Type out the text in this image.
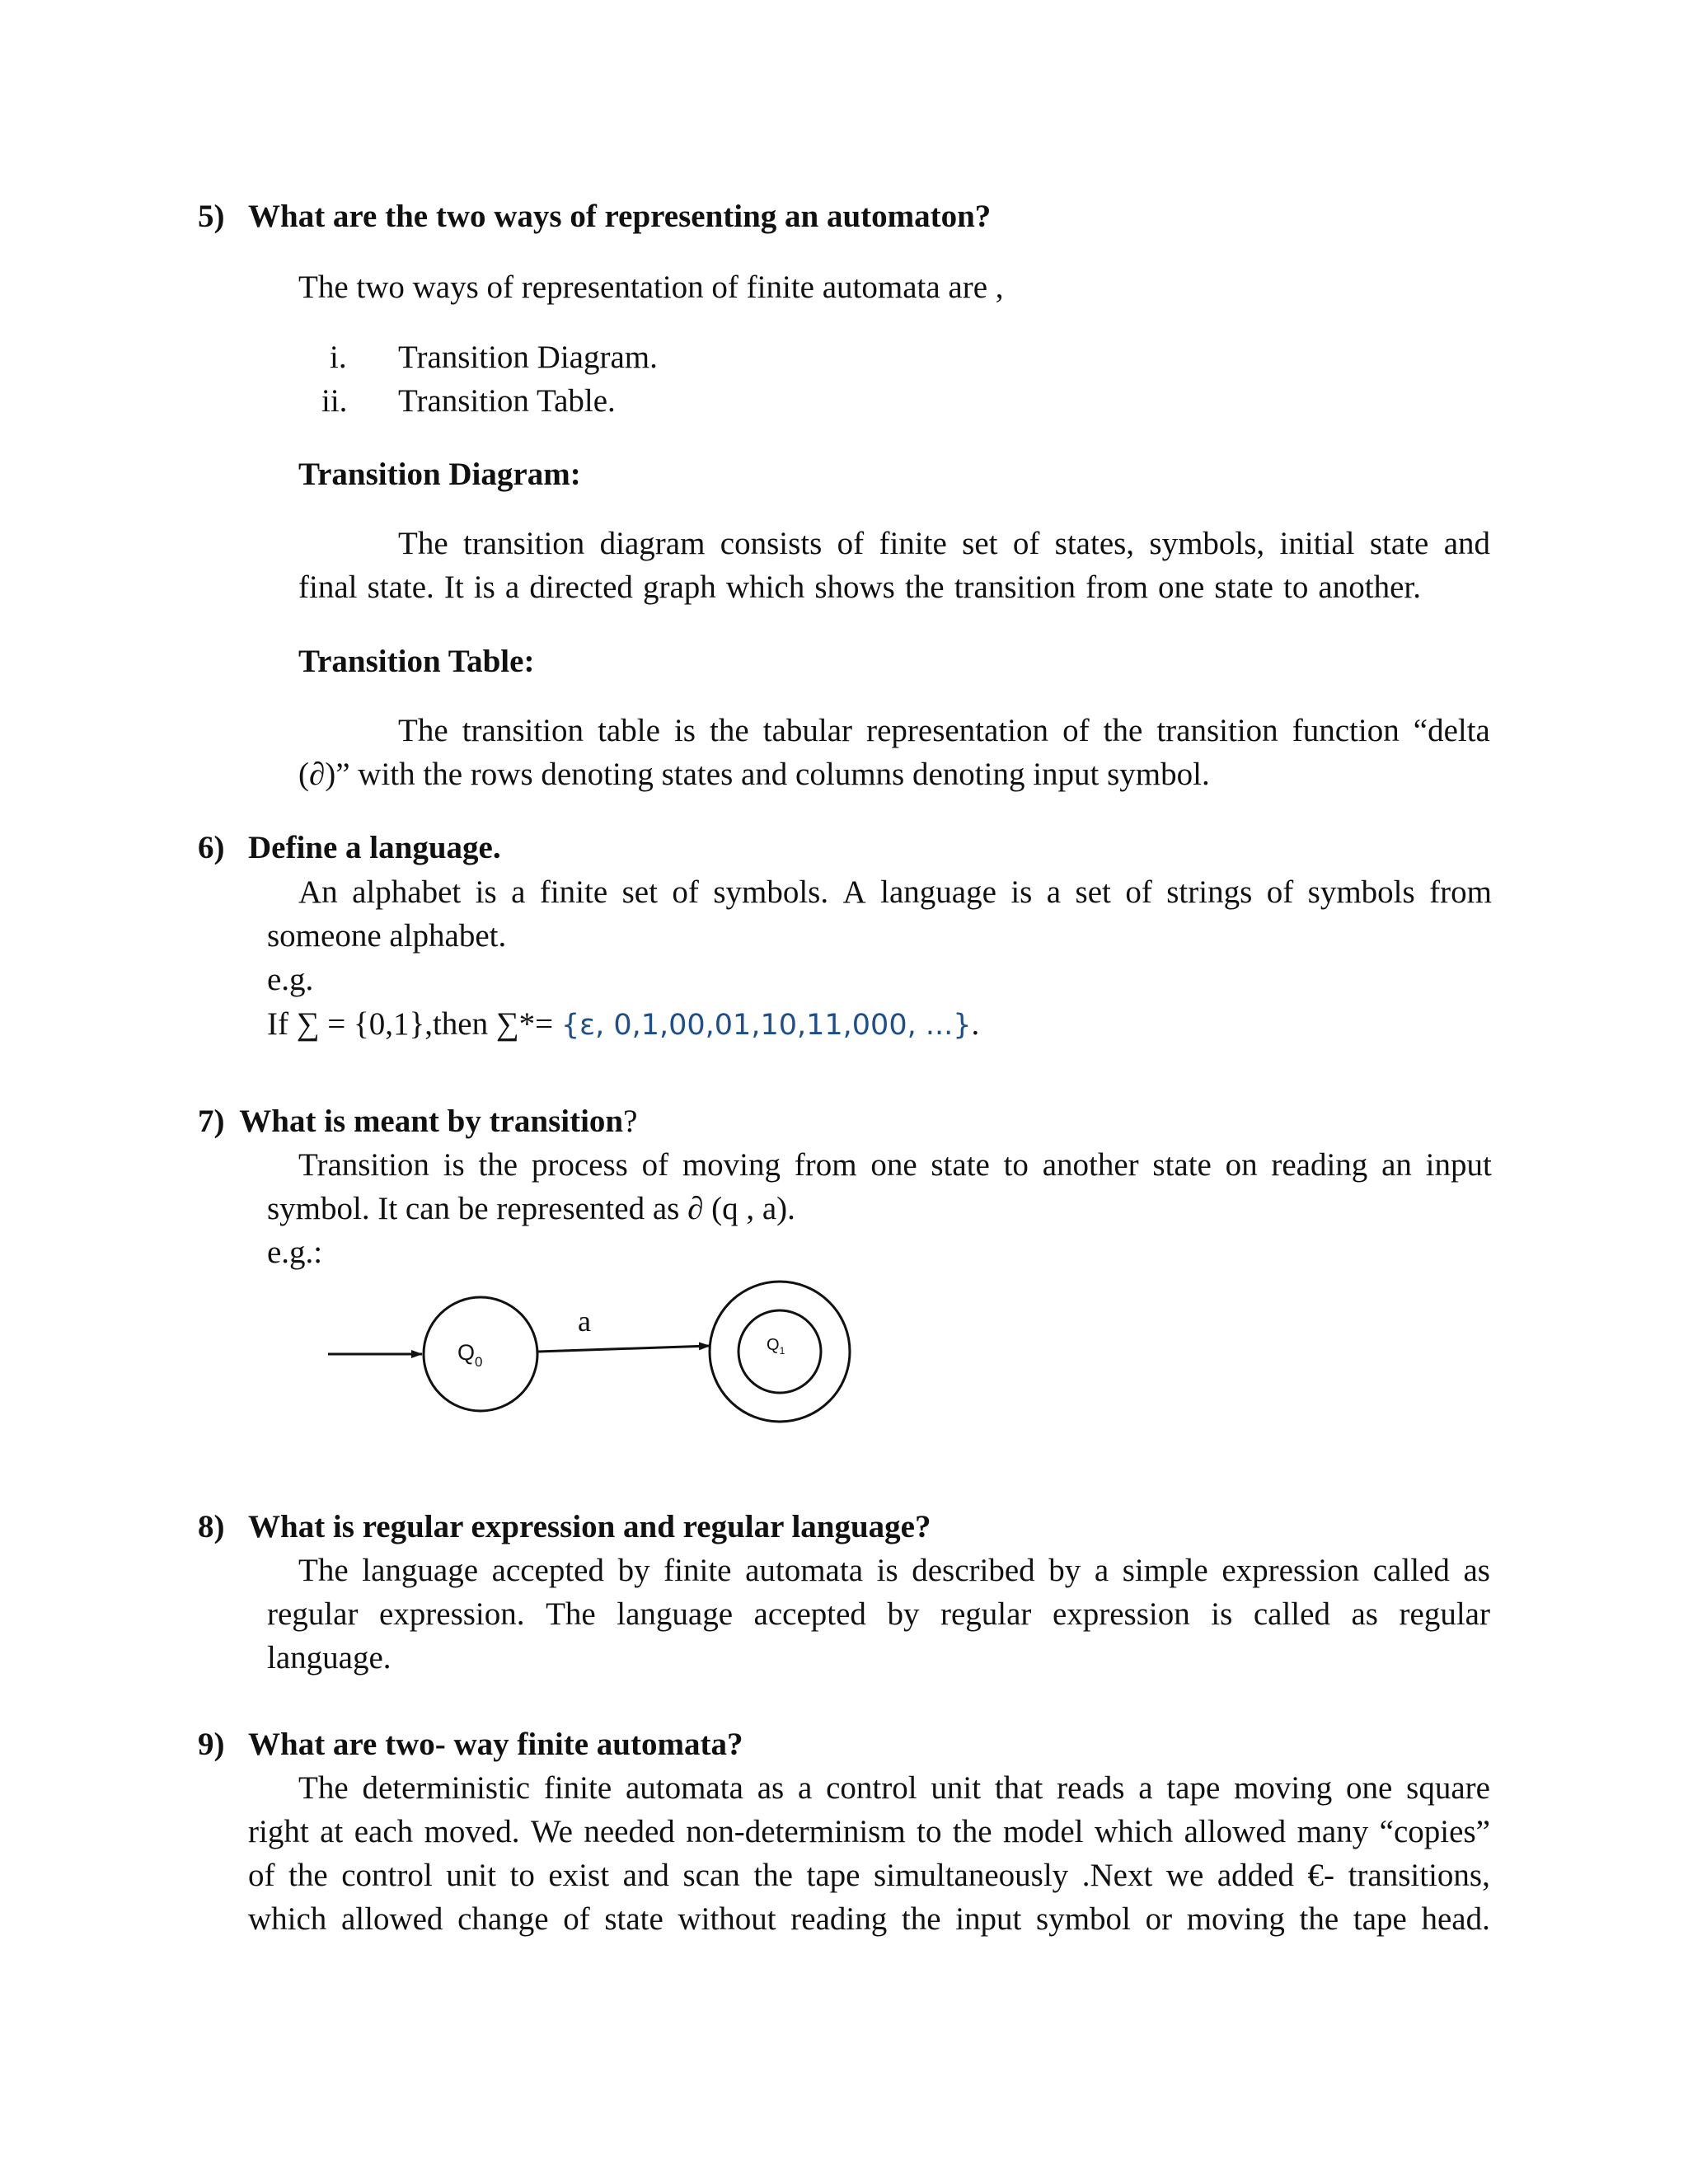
5) What are the two ways of representing an automaton?
The two ways of representation of finite automata are ,
i. Transition Diagram.
ii. Transition Table.
Transition Diagram:
The transition diagram consists of finite set of states, symbols, initial state and
final state. It is a directed graph which shows the transition from one state to another.
Transition Table:
The transition table is the tabular representation of the transition function “delta
(∂)” with the rows denoting states and columns denoting input symbol.
6) Define a language.
An alphabet is a finite set of symbols. A language is a set of strings of symbols from
someone alphabet.
e.g.
If ∑ = {0,1},then ∑*= {ε, 0,1,00,01,10,11,000, ...}.
7) What is meant by transition?
Transition is the process of moving from one state to another state on reading an input
symbol. It can be represented as ∂ (q , a).
e.g.:
$Q_0$
a
$Q_1$
8) What is regular expression and regular language?
The language accepted by finite automata is described by a simple expression called as
regular expression. The language accepted by regular expression is called as regular
language.
9) What are two- way finite automata?
The deterministic finite automata as a control unit that reads a tape moving one square
right at each moved. We needed non-determinism to the model which allowed many “copies”
of the control unit to exist and scan the tape simultaneously .Next we added €- transitions,
which allowed change of state without reading the input symbol or moving the tape head.
